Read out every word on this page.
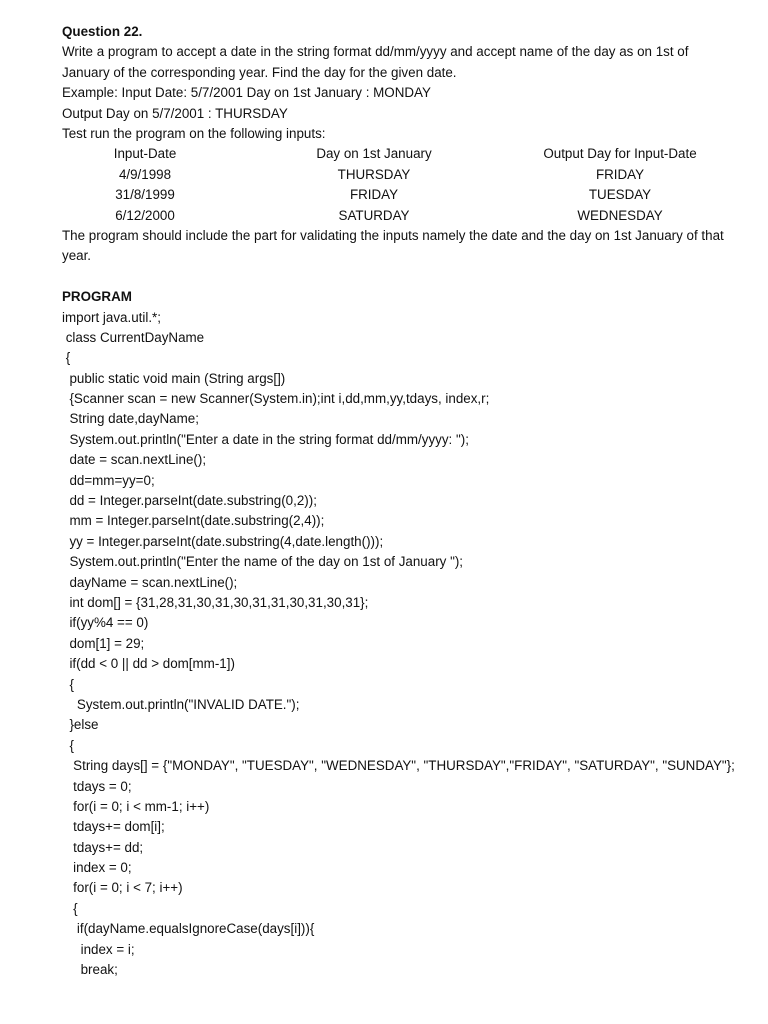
Question 22.
Write a program to accept a date in the string format dd/mm/yyyy and accept name of the day as on 1st of January of the corresponding year. Find the day for the given date.
Example: Input Date: 5/7/2001 Day on 1st January : MONDAY
Output Day on 5/7/2001 : THURSDAY
Test run the program on the following inputs:
Input-Date	Day on 1st January	Output Day for Input-Date
4/9/1998	THURSDAY	FRIDAY
31/8/1999	FRIDAY	TUESDAY
6/12/2000	SATURDAY	WEDNESDAY
The program should include the part for validating the inputs namely the date and the day on 1st January of that year.
PROGRAM
import java.util.*;
class CurrentDayName
{
public static void main (String args[])
{Scanner scan = new Scanner(System.in);int i,dd,mm,yy,tdays, index,r;
String date,dayName;
System.out.println("Enter a date in the string format dd/mm/yyyy: ");
date = scan.nextLine();
dd=mm=yy=0;
dd = Integer.parseInt(date.substring(0,2));
mm = Integer.parseInt(date.substring(2,4));
yy = Integer.parseInt(date.substring(4,date.length()));
System.out.println("Enter the name of the day on 1st of January ");
dayName = scan.nextLine();
int dom[] = {31,28,31,30,31,30,31,31,30,31,30,31};
if(yy%4 == 0)
dom[1] = 29;
if(dd < 0 || dd > dom[mm-1])
{
System.out.println("INVALID DATE.");
}else
{
String days[] = {"MONDAY", "TUESDAY", "WEDNESDAY", "THURSDAY","FRIDAY", "SATURDAY", "SUNDAY"};
tdays = 0;
for(i = 0; i < mm-1; i++)
tdays+= dom[i];
tdays+= dd;
index = 0;
for(i = 0; i < 7; i++)
{
if(dayName.equalsIgnoreCase(days[i])){
index = i;
break;
